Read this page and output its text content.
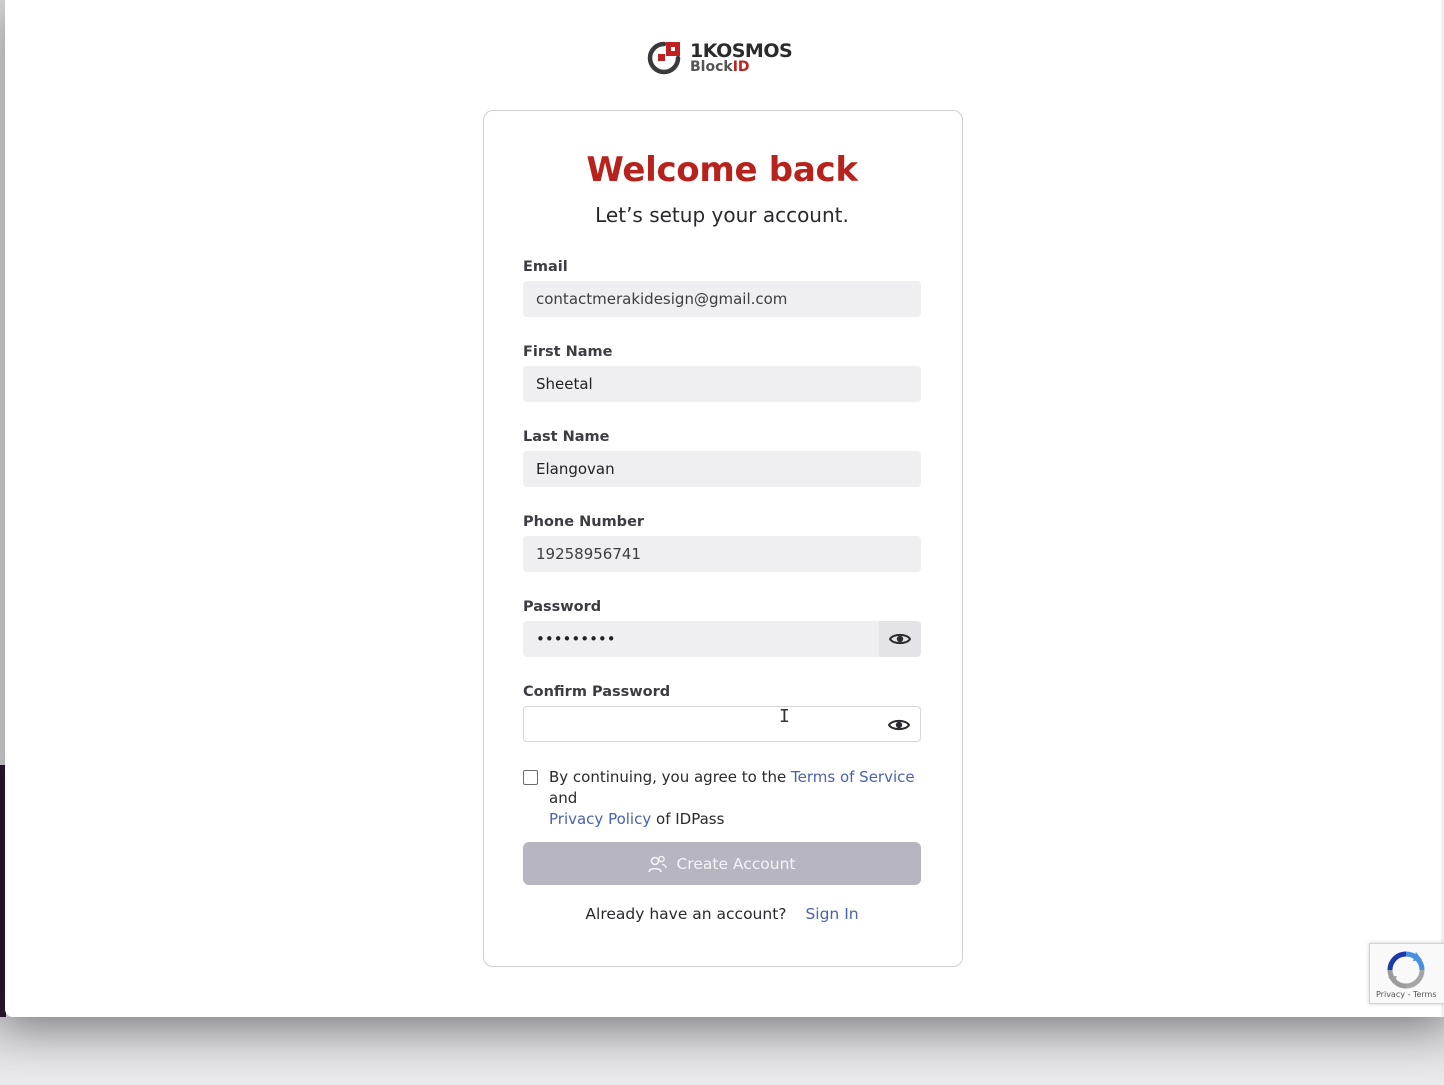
1KOSMOS
BlockID
Welcome back
Let’s setup your account.
Email
contactmerakidesign@gmail.com
First Name
Sheetal
Last Name
Elangovan
Phone Number
19258956741
Password
•••••••••
Confirm Password
I
By continuing, you agree to the Terms of Service and
Privacy Policy of IDPass
Create Account
Already have an account? Sign In
Privacy - Terms
